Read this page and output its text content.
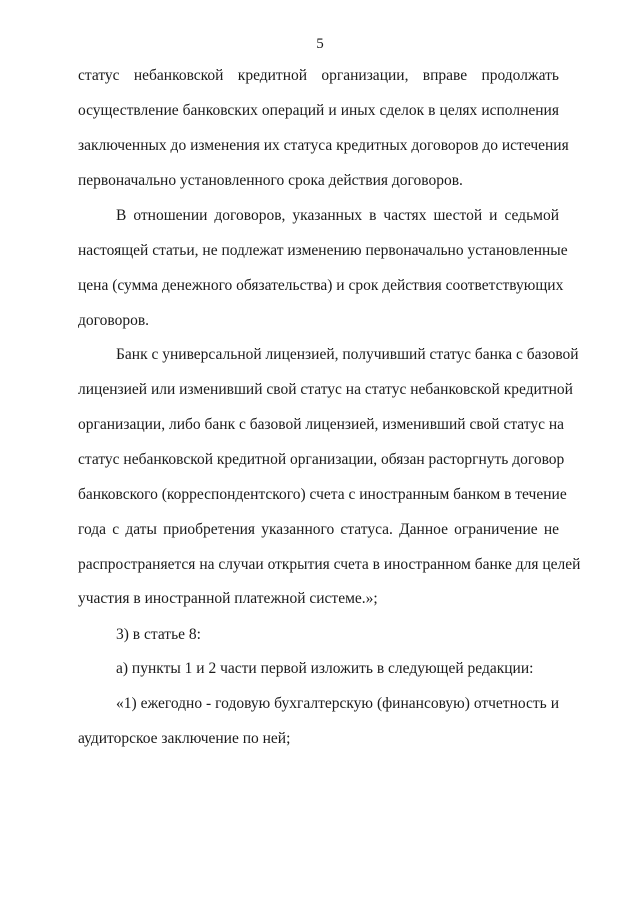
5
статус небанковской кредитной организации, вправе продолжать
осуществление банковских операций и иных сделок в целях исполнения
заключенных до изменения их статуса кредитных договоров до истечения
первоначально установленного срока действия договоров.
В отношении договоров, указанных в частях шестой и седьмой
настоящей статьи, не подлежат изменению первоначально установленные
цена (сумма денежного обязательства) и срок действия соответствующих
договоров.
Банк с универсальной лицензией, получивший статус банка с базовой
лицензией или изменивший свой статус на статус небанковской кредитной
организации, либо банк с базовой лицензией, изменивший свой статус на
статус небанковской кредитной организации, обязан расторгнуть договор
банковского (корреспондентского) счета с иностранным банком в течение
года с даты приобретения указанного статуса. Данное ограничение не
распространяется на случаи открытия счета в иностранном банке для целей
участия в иностранной платежной системе.»;
3) в статье 8:
а) пункты 1 и 2 части первой изложить в следующей редакции:
«1) ежегодно - годовую бухгалтерскую (финансовую) отчетность и
аудиторское заключение по ней;
